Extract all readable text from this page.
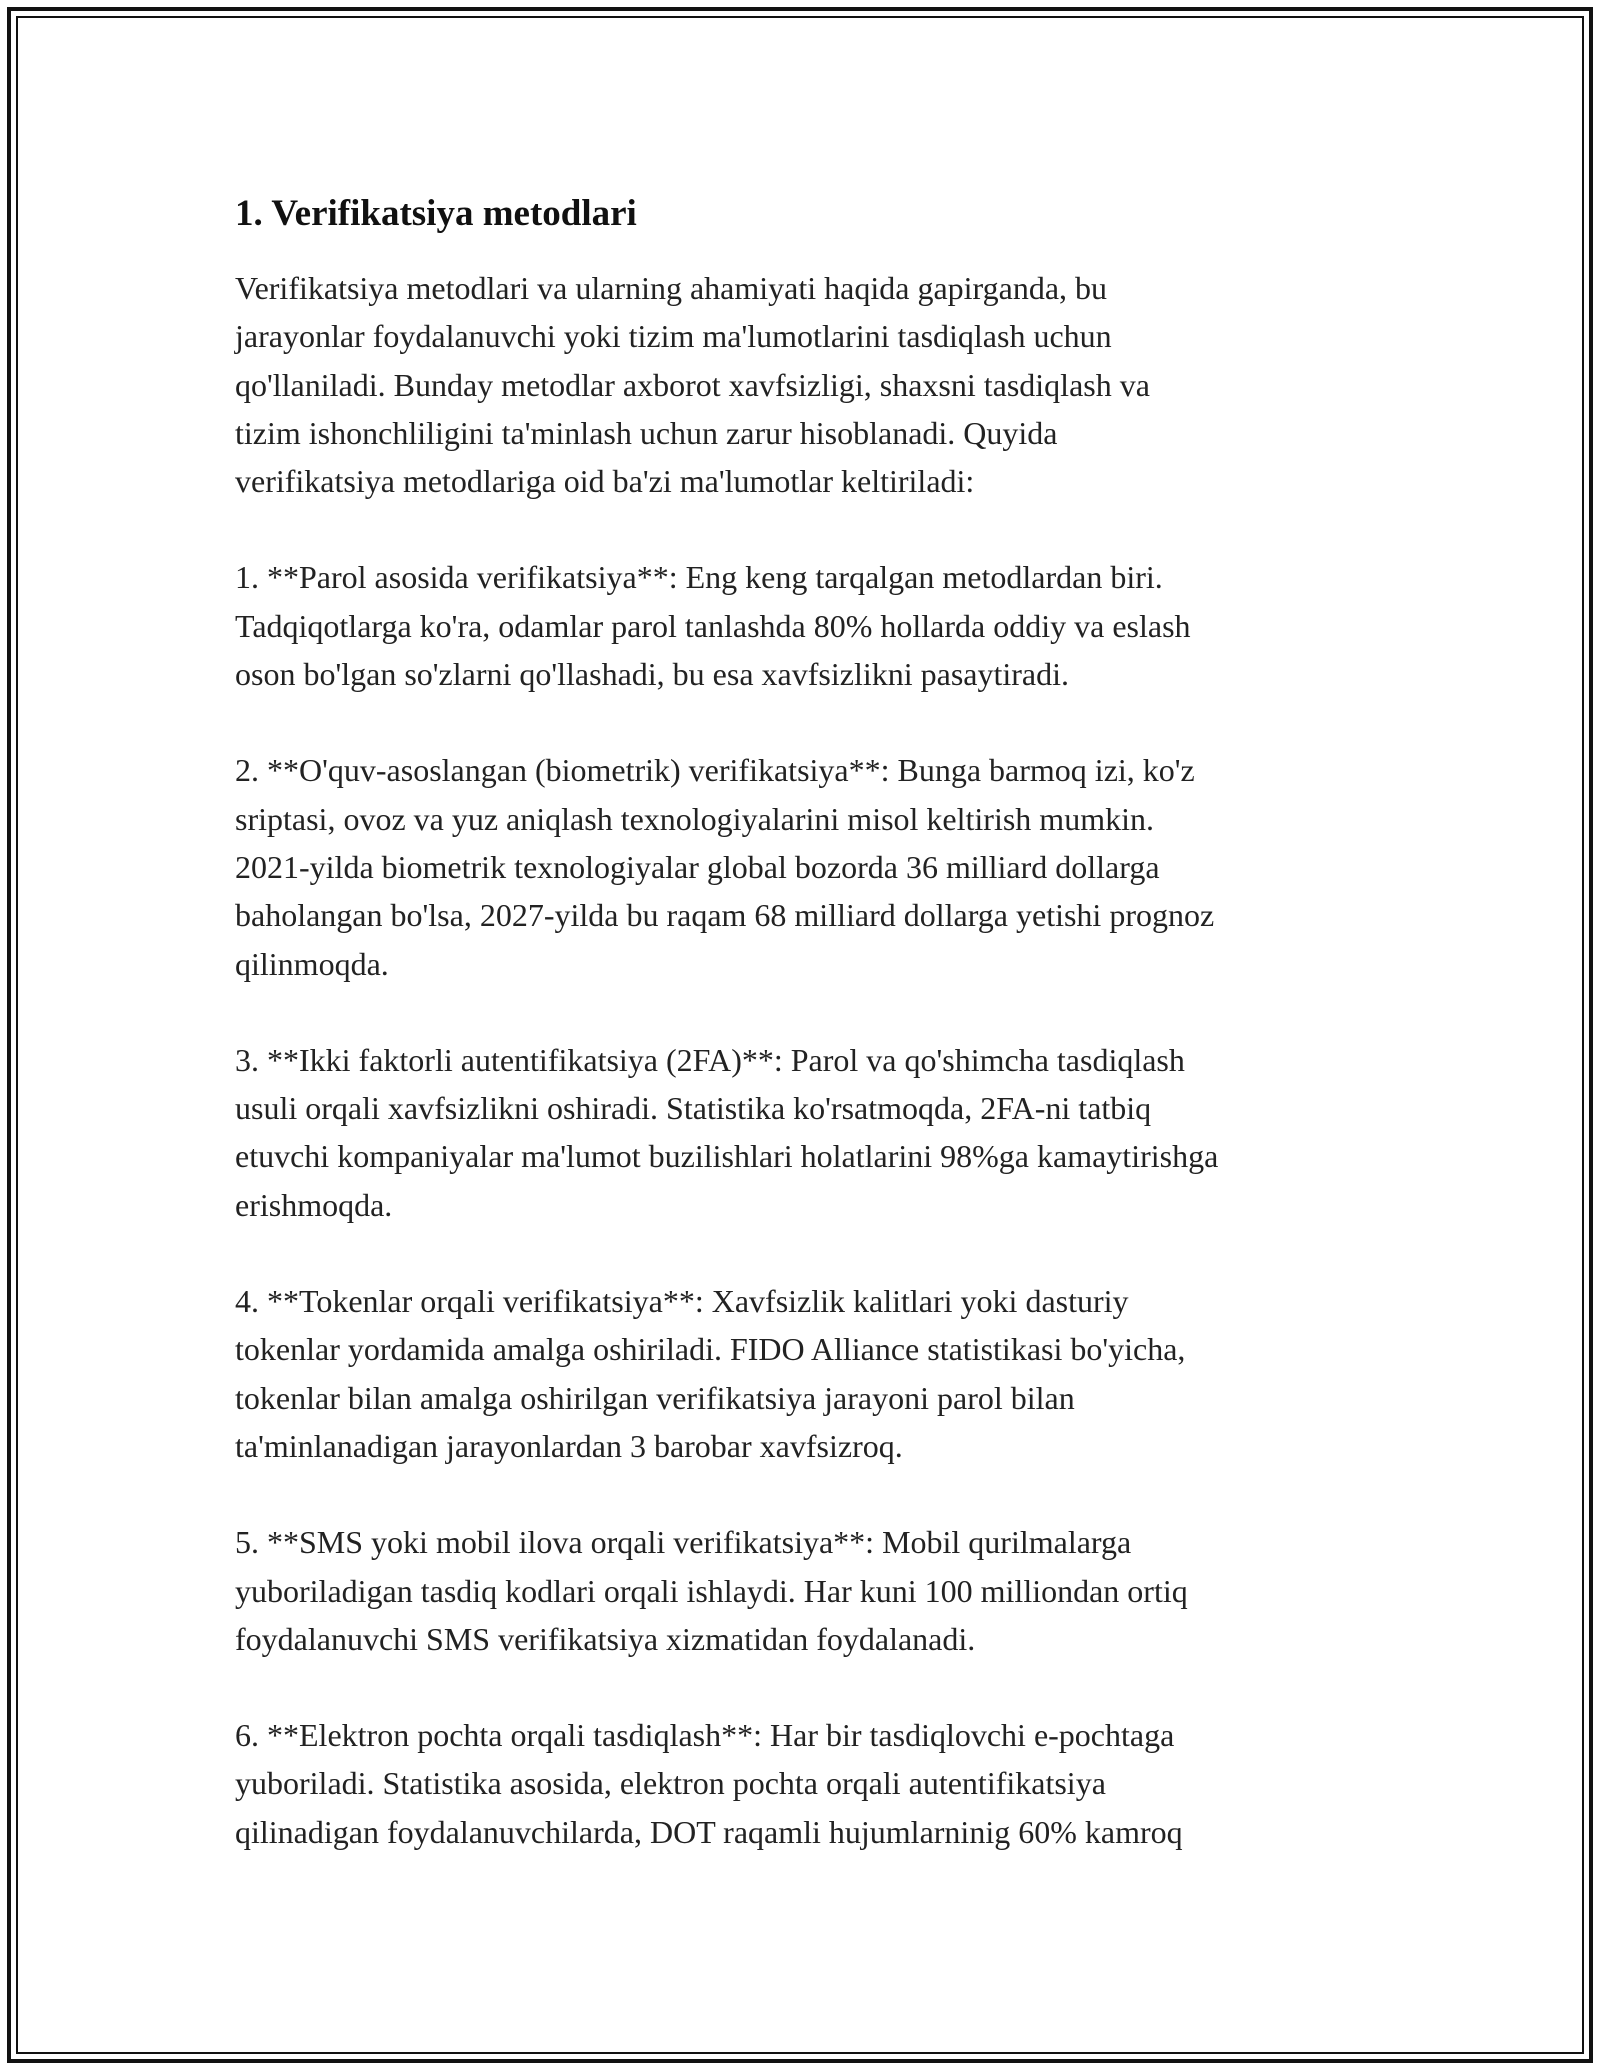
1. Verifikatsiya metodlari

Verifikatsiya metodlari va ularning ahamiyati haqida gapirganda, bu
jarayonlar foydalanuvchi yoki tizim ma'lumotlarini tasdiqlash uchun
qo'llaniladi. Bunday metodlar axborot xavfsizligi, shaxsni tasdiqlash va
tizim ishonchliligini ta'minlash uchun zarur hisoblanadi. Quyida
verifikatsiya metodlariga oid ba'zi ma'lumotlar keltiriladi:

1. **Parol asosida verifikatsiya**: Eng keng tarqalgan metodlardan biri.
Tadqiqotlarga ko'ra, odamlar parol tanlashda 80% hollarda oddiy va eslash
oson bo'lgan so'zlarni qo'llashadi, bu esa xavfsizlikni pasaytiradi.

2. **O'quv-asoslangan (biometrik) verifikatsiya**: Bunga barmoq izi, ko'z
sriptasi, ovoz va yuz aniqlash texnologiyalarini misol keltirish mumkin.
2021-yilda biometrik texnologiyalar global bozorda 36 milliard dollarga
baholangan bo'lsa, 2027-yilda bu raqam 68 milliard dollarga yetishi prognoz
qilinmoqda.

3. **Ikki faktorli autentifikatsiya (2FA)**: Parol va qo'shimcha tasdiqlash
usuli orqali xavfsizlikni oshiradi. Statistika ko'rsatmoqda, 2FA-ni tatbiq
etuvchi kompaniyalar ma'lumot buzilishlari holatlarini 98%ga kamaytirishga
erishmoqda.

4. **Tokenlar orqali verifikatsiya**: Xavfsizlik kalitlari yoki dasturiy
tokenlar yordamida amalga oshiriladi. FIDO Alliance statistikasi bo'yicha,
tokenlar bilan amalga oshirilgan verifikatsiya jarayoni parol bilan
ta'minlanadigan jarayonlardan 3 barobar xavfsizroq.

5. **SMS yoki mobil ilova orqali verifikatsiya**: Mobil qurilmalarga
yuboriladigan tasdiq kodlari orqali ishlaydi. Har kuni 100 milliondan ortiq
foydalanuvchi SMS verifikatsiya xizmatidan foydalanadi.

6. **Elektron pochta orqali tasdiqlash**: Har bir tasdiqlovchi e-pochtaga
yuboriladi. Statistika asosida, elektron pochta orqali autentifikatsiya
qilinadigan foydalanuvchilarda, DOT raqamli hujumlarninig 60% kamroq
